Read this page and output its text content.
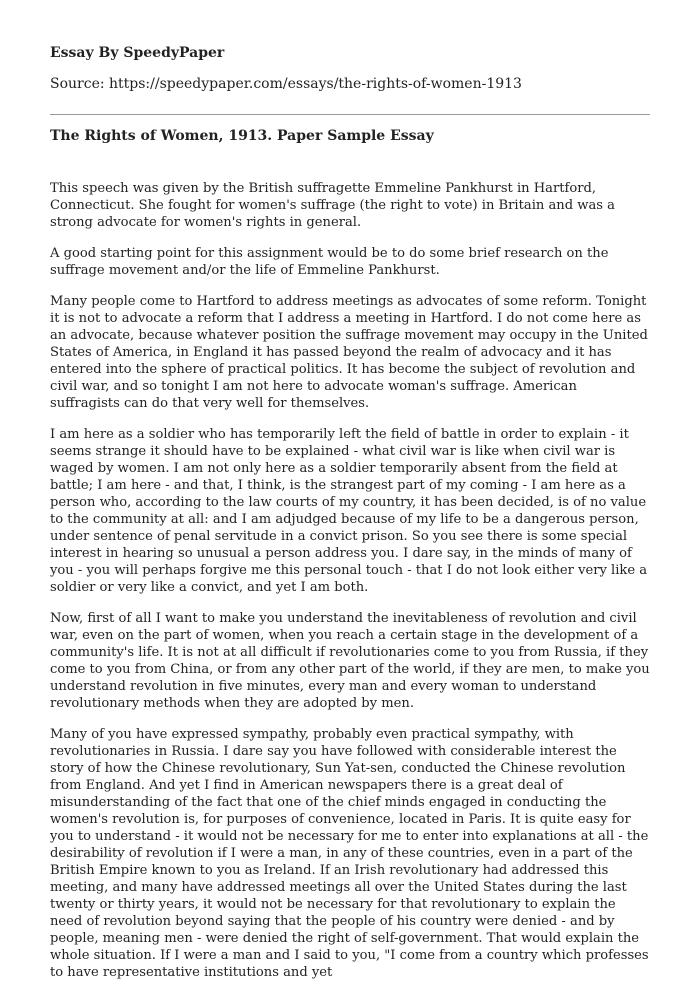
Essay By SpeedyPaper

Source: https://speedypaper.com/essays/the-rights-of-women-1913

The Rights of Women, 1913. Paper Sample Essay

This speech was given by the British suffragette Emmeline Pankhurst in Hartford, Connecticut. She fought for women's suffrage (the right to vote) in Britain and was a strong advocate for women's rights in general.

A good starting point for this assignment would be to do some brief research on the suffrage movement and/or the life of Emmeline Pankhurst.

Many people come to Hartford to address meetings as advocates of some reform. Tonight it is not to advocate a reform that I address a meeting in Hartford. I do not come here as an advocate, because whatever position the suffrage movement may occupy in the United States of America, in England it has passed beyond the realm of advocacy and it has entered into the sphere of practical politics. It has become the subject of revolution and civil war, and so tonight I am not here to advocate woman's suffrage. American suffragists can do that very well for themselves.

I am here as a soldier who has temporarily left the field of battle in order to explain - it seems strange it should have to be explained - what civil war is like when civil war is waged by women. I am not only here as a soldier temporarily absent from the field at battle; I am here - and that, I think, is the strangest part of my coming - I am here as a person who, according to the law courts of my country, it has been decided, is of no value to the community at all: and I am adjudged because of my life to be a dangerous person, under sentence of penal servitude in a convict prison. So you see there is some special interest in hearing so unusual a person address you. I dare say, in the minds of many of you - you will perhaps forgive me this personal touch - that I do not look either very like a soldier or very like a convict, and yet I am both.

Now, first of all I want to make you understand the inevitableness of revolution and civil war, even on the part of women, when you reach a certain stage in the development of a community's life. It is not at all difficult if revolutionaries come to you from Russia, if they come to you from China, or from any other part of the world, if they are men, to make you understand revolution in five minutes, every man and every woman to understand revolutionary methods when they are adopted by men.

Many of you have expressed sympathy, probably even practical sympathy, with revolutionaries in Russia. I dare say you have followed with considerable interest the story of how the Chinese revolutionary, Sun Yat-sen, conducted the Chinese revolution from England. And yet I find in American newspapers there is a great deal of misunderstanding of the fact that one of the chief minds engaged in conducting the women's revolution is, for purposes of convenience, located in Paris. It is quite easy for you to understand - it would not be necessary for me to enter into explanations at all - the desirability of revolution if I were a man, in any of these countries, even in a part of the British Empire known to you as Ireland. If an Irish revolutionary had addressed this meeting, and many have addressed meetings all over the United States during the last twenty or thirty years, it would not be necessary for that revolutionary to explain the need of revolution beyond saying that the people of his country were denied - and by people, meaning men - were denied the right of self-government. That would explain the whole situation. If I were a man and I said to you, "I come from a country which professes to have representative institutions and yet
